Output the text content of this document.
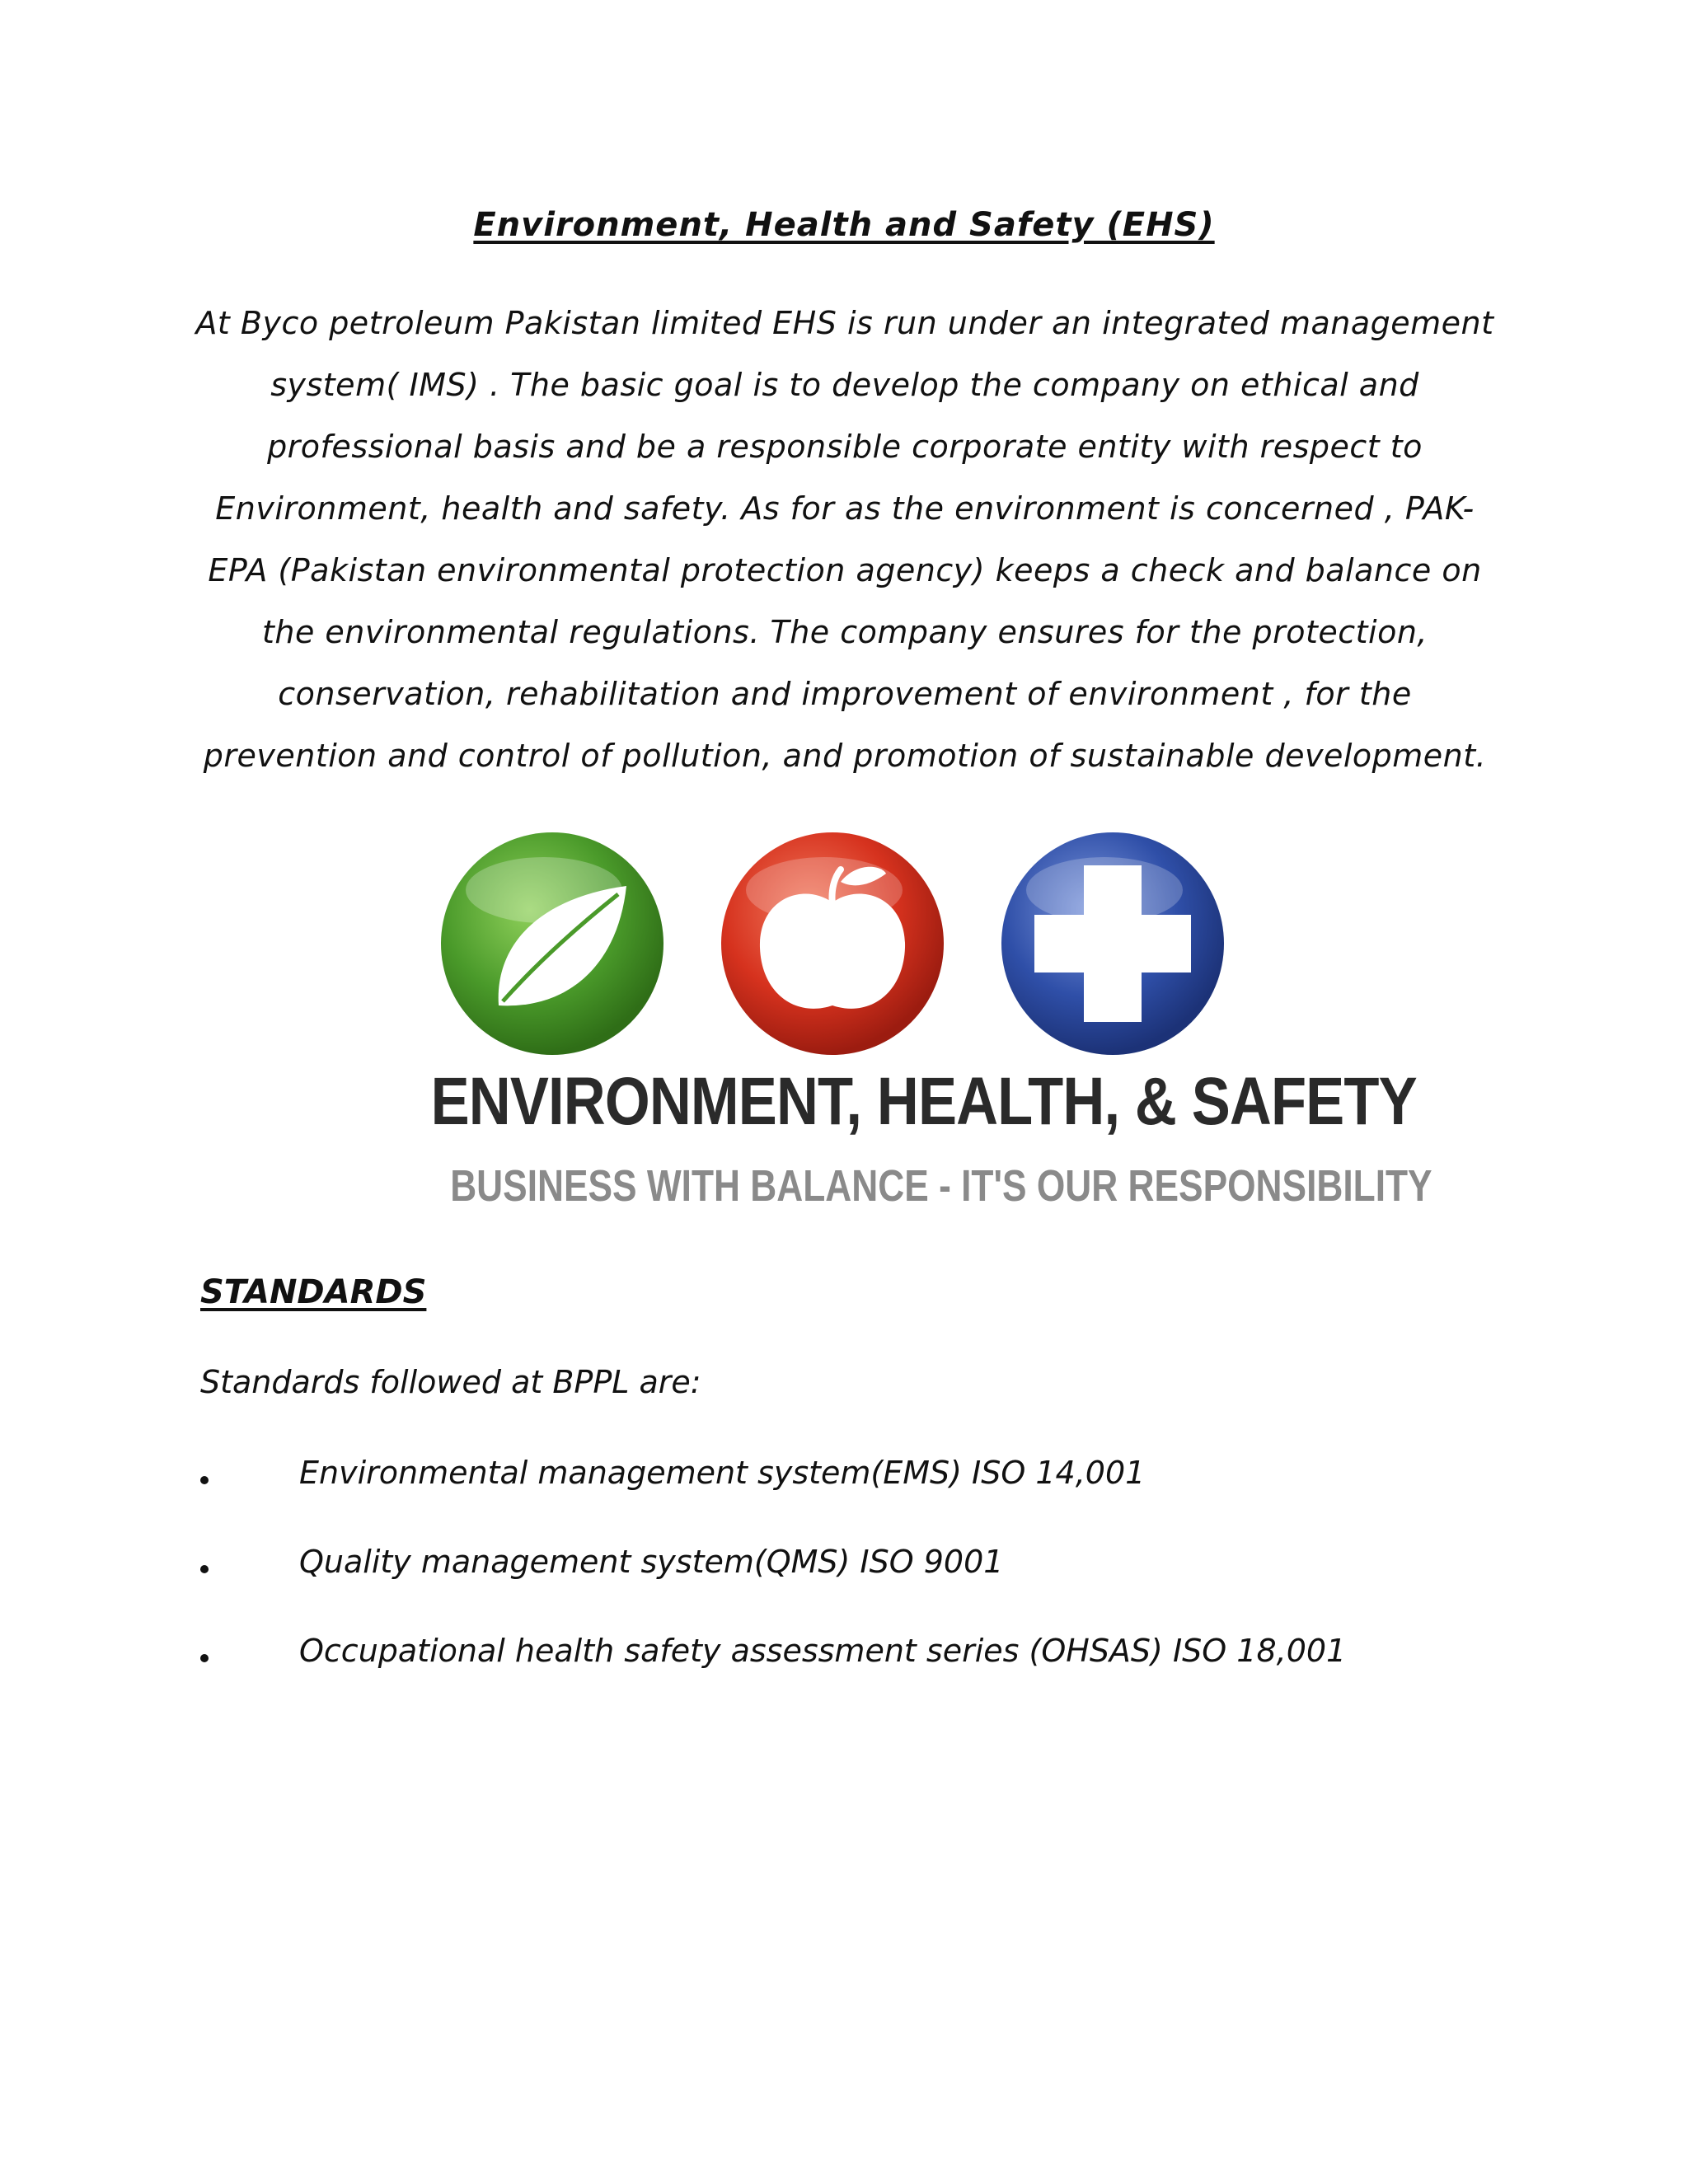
Environment, Health and Safety (EHS)
At Byco petroleum Pakistan limited EHS is run under an integrated management system( IMS) . The basic goal is to develop the company on ethical and professional basis and be a responsible corporate entity with respect to Environment, health and safety. As for as the environment is concerned , PAK-EPA (Pakistan environmental protection agency) keeps a check and balance on the environmental regulations. The company ensures for the protection, conservation, rehabilitation and improvement of environment , for the prevention and control of pollution, and promotion of sustainable development.
ENVIRONMENT, HEALTH, & SAFETY
BUSINESS WITH BALANCE - IT'S OUR RESPONSIBILITY
STANDARDS
Standards followed at BPPL are:
Environmental management system(EMS) ISO 14,001
Quality management system(QMS) ISO 9001
Occupational health safety assessment series (OHSAS) ISO 18,001
